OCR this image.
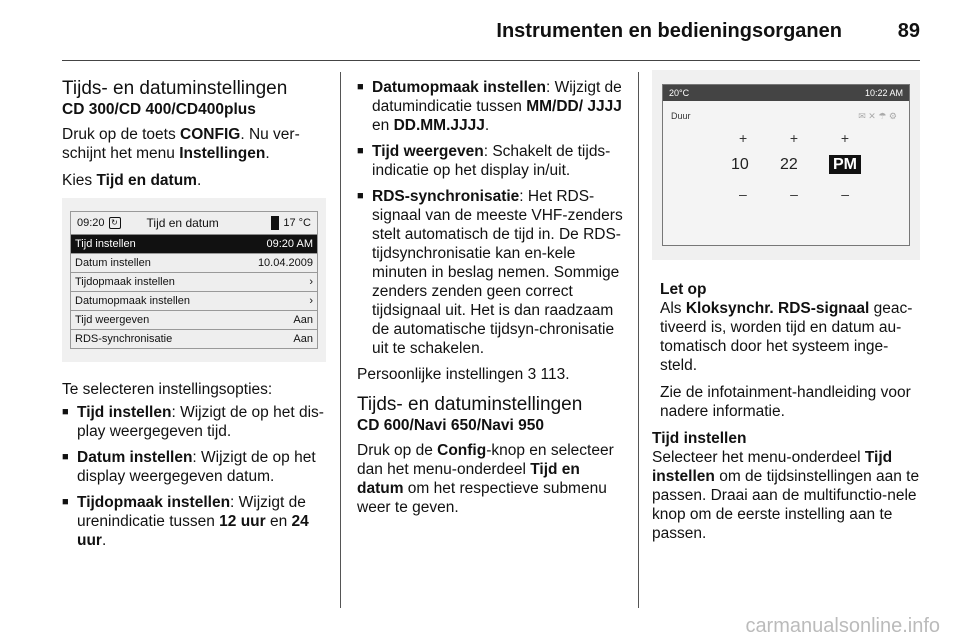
Instrumenten en bedieningsorganen	89
Tijds- en datuminstellingen
CD 300/CD 400/CD400plus

Druk op de toets CONFIG. Nu ver-schijnt het menu Instellingen.

Kies Tijd en datum.

09:20 ↻ Tijd en datum	17 °C
Tijd instellen	09:20 AM
Datum instellen	10.04.2009
Tijdopmaak instellen	›
Datumopmaak instellen	›
Tijd weergeven	Aan
RDS-synchronisatie	Aan

Te selecteren instellingsopties:

■ Tijd instellen: Wijzigt de op het dis-play weergegeven tijd.
■ Datum instellen: Wijzigt de op het display weergegeven datum.
■ Tijdopmaak instellen: Wijzigt de urenindicatie tussen 12 uur en 24 uur.
■ Datumopmaak instellen: Wijzigt de datumindicatie tussen MM/DD/ JJJJ en DD.MM.JJJJ.
■ Tijd weergeven: Schakelt de tijds-indicatie op het display in/uit.
■ RDS-synchronisatie: Het RDS-signaal van de meeste VHF-zenders stelt automatisch de tijd in. De RDS-tijdsynchronisatie kan en-kele minuten in beslag nemen. Sommige zenders zenden geen correct tijdsignaal uit. Het is dan raadzaam de automatische tijdsyn-chronisatie uit te schakelen.

Persoonlijke instellingen 3 113.

Tijds- en datuminstellingen
CD 600/Navi 650/Navi 950

Druk op de Config-knop en selecteer dan het menu-onderdeel Tijd en datum om het respectieve submenu weer te geven.

20°C	10:22 AM
Duur	✉ ✕ ☂ ⚙
+	+	+
10 22 PM
–	–	–
Let op

Als Kloksynchr. RDS-signaal geac-tiveerd is, worden tijd en datum au-tomatisch door het systeem inge-steld.

Zie de infotainment-handleiding voor nadere informatie.

Tijd instellen

Selecteer het menu-onderdeel Tijd instellen om de tijdsinstellingen aan te passen. Draai aan de multifunctio-nele knop om de eerste instelling aan te passen.

carmanualsonline.info
